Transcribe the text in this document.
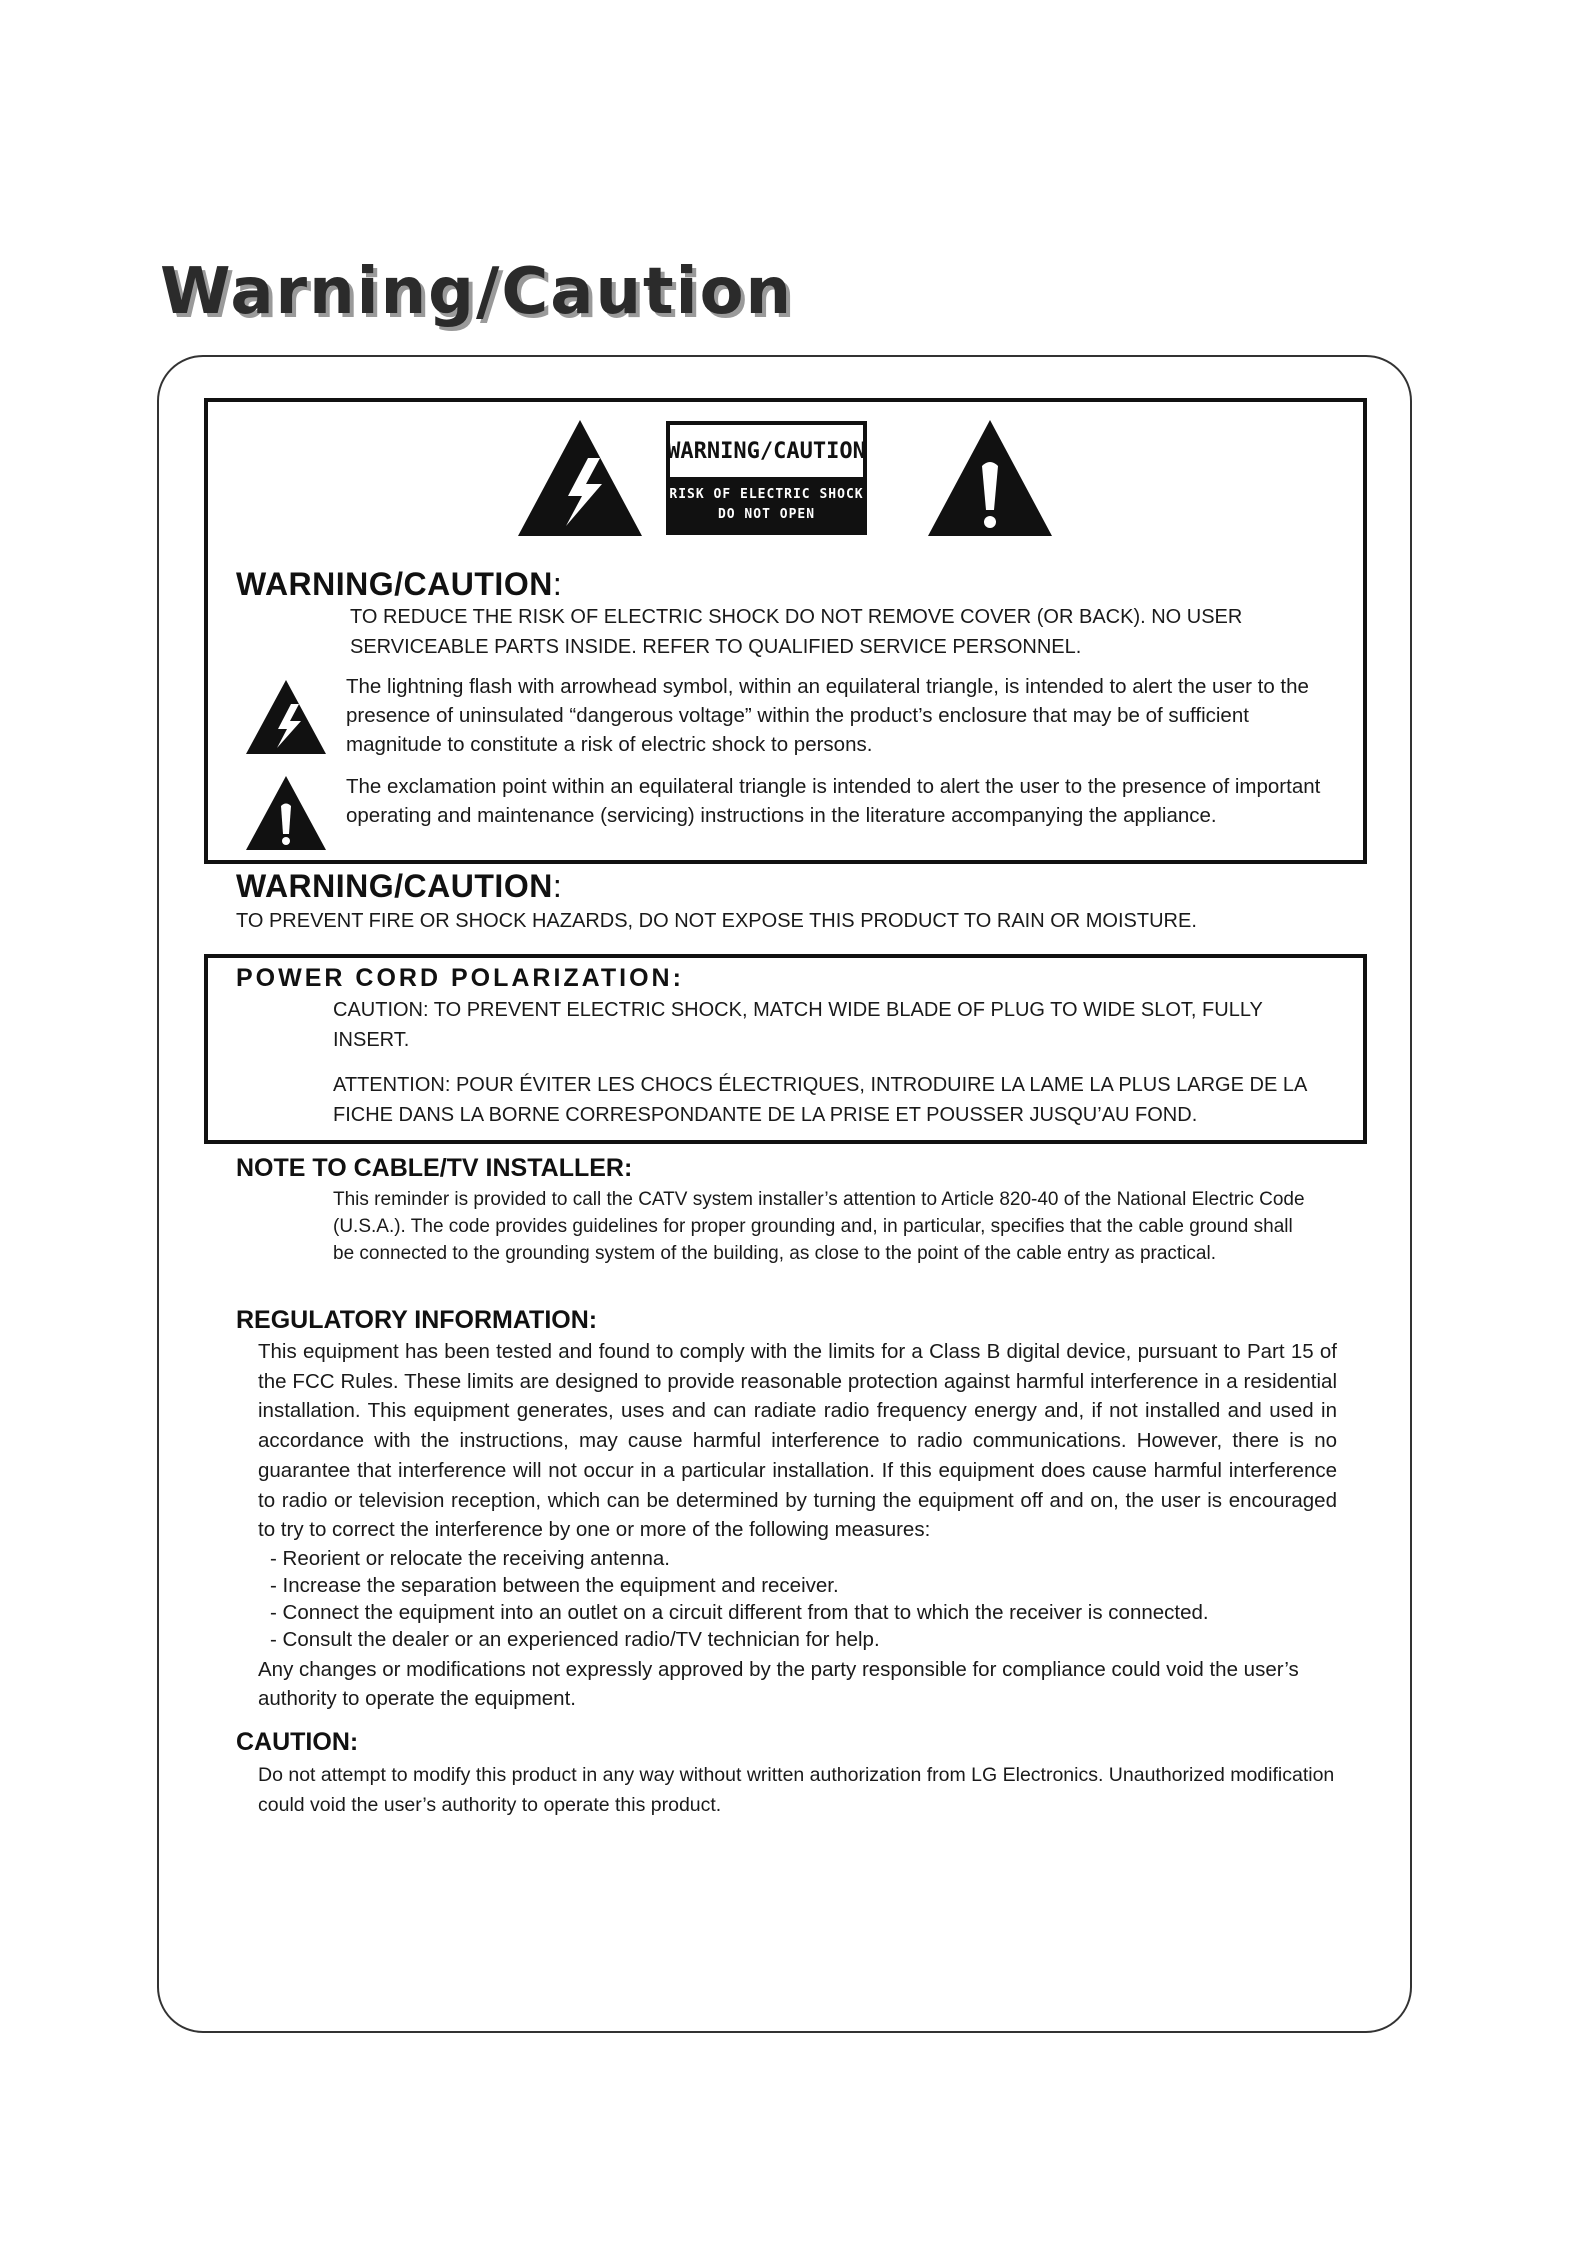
Warning/Caution
WARNING/CAUTION
RISK OF ELECTRIC SHOCK
DO NOT OPEN
WARNING/CAUTION:

TO REDUCE THE RISK OF ELECTRIC SHOCK DO NOT REMOVE COVER (OR BACK). NO USER SERVICEABLE PARTS INSIDE. REFER TO QUALIFIED SERVICE PERSONNEL.

The lightning flash with arrowhead symbol, within an equilateral triangle, is intended to alert the user to the presence of uninsulated “dangerous voltage” within the product’s enclosure that may be of sufficient magnitude to constitute a risk of electric shock to persons.

The exclamation point within an equilateral triangle is intended to alert the user to the presence of important operating and maintenance (servicing) instructions in the literature accompanying the appliance.

WARNING/CAUTION:

TO PREVENT FIRE OR SHOCK HAZARDS, DO NOT EXPOSE THIS PRODUCT TO RAIN OR MOISTURE.

POWER CORD POLARIZATION:

CAUTION: TO PREVENT ELECTRIC SHOCK, MATCH WIDE BLADE OF PLUG TO WIDE SLOT, FULLY INSERT.

ATTENTION: POUR ÉVITER LES CHOCS ÉLECTRIQUES, INTRODUIRE LA LAME LA PLUS LARGE DE LA FICHE DANS LA BORNE CORRESPONDANTE DE LA PRISE ET POUSSER JUSQU’AU FOND.

NOTE TO CABLE/TV INSTALLER:

This reminder is provided to call the CATV system installer’s attention to Article 820-40 of the National Electric Code (U.S.A.). The code provides guidelines for proper grounding and, in particular, specifies that the cable ground shall be connected to the grounding system of the building, as close to the point of the cable entry as practical.

REGULATORY INFORMATION:

This equipment has been tested and found to comply with the limits for a Class B digital device, pursuant to Part 15 of the FCC Rules. These limits are designed to provide reasonable protection against harmful interference in a residential installation. This equipment generates, uses and can radiate radio frequency energy and, if not installed and used in accordance with the instructions, may cause harmful interference to radio communications. However, there is no guarantee that interference will not occur in a particular installation. If this equipment does cause harmful interference to radio or television reception, which can be determined by turning the equipment off and on, the user is encouraged to try to correct the interference by one or more of the following measures:

- Reorient or relocate the receiving antenna.
- Increase the separation between the equipment and receiver.
- Connect the equipment into an outlet on a circuit different from that to which the receiver is connected.
- Consult the dealer or an experienced radio/TV technician for help.

Any changes or modifications not expressly approved by the party responsible for compliance could void the user’s authority to operate the equipment.

CAUTION:

Do not attempt to modify this product in any way without written authorization from LG Electronics. Unauthorized modification could void the user’s authority to operate this product.
